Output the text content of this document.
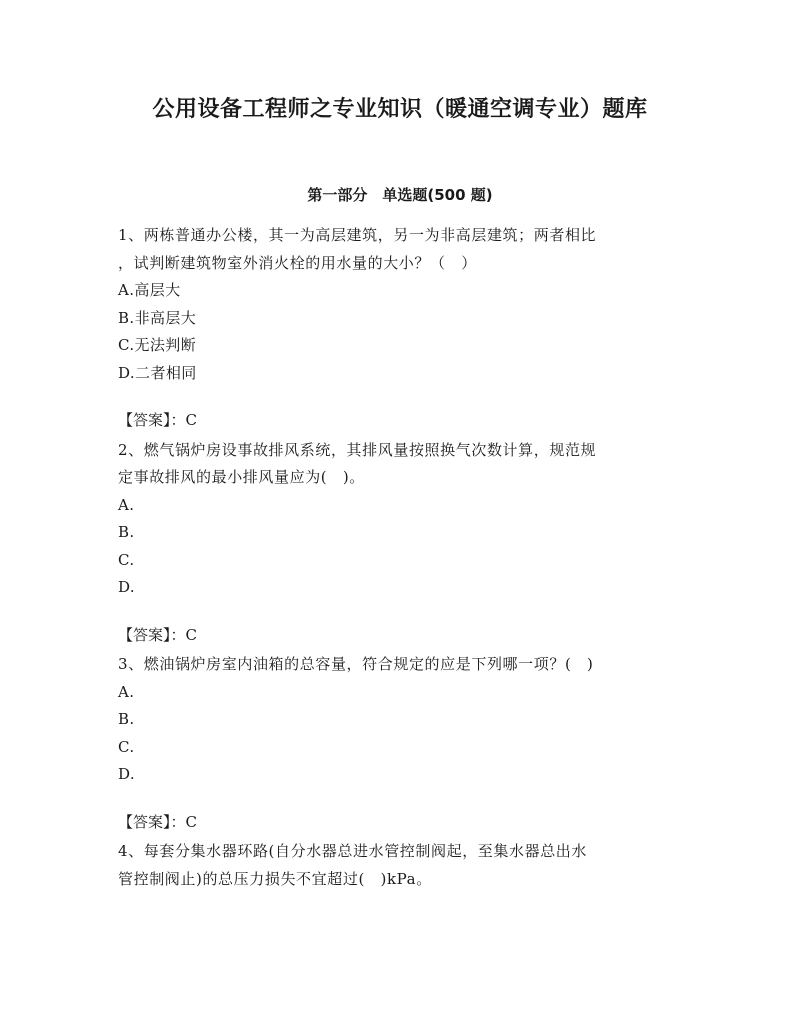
公用设备工程师之专业知识（暖通空调专业）题库
第一部分　单选题(500 题)

1、两栋普通办公楼，其一为高层建筑，另一为非高层建筑；两者相比
，试判断建筑物室外消火栓的用水量的大小？（　）

A.高层大

B.非高层大

C.无法判断

D.二者相同

【答案】：C

2、燃气锅炉房设事故排风系统，其排风量按照换气次数计算，规范规
定事故排风的最小排风量应为(　)。

A.

B.

C.

D.

【答案】：C

3、燃油锅炉房室内油箱的总容量，符合规定的应是下列哪一项？(　)

A.

B.

C.

D.

【答案】：C

4、每套分集水器环路(自分水器总进水管控制阀起，至集水器总出水
管控制阀止)的总压力损失不宜超过(　)kPa。
